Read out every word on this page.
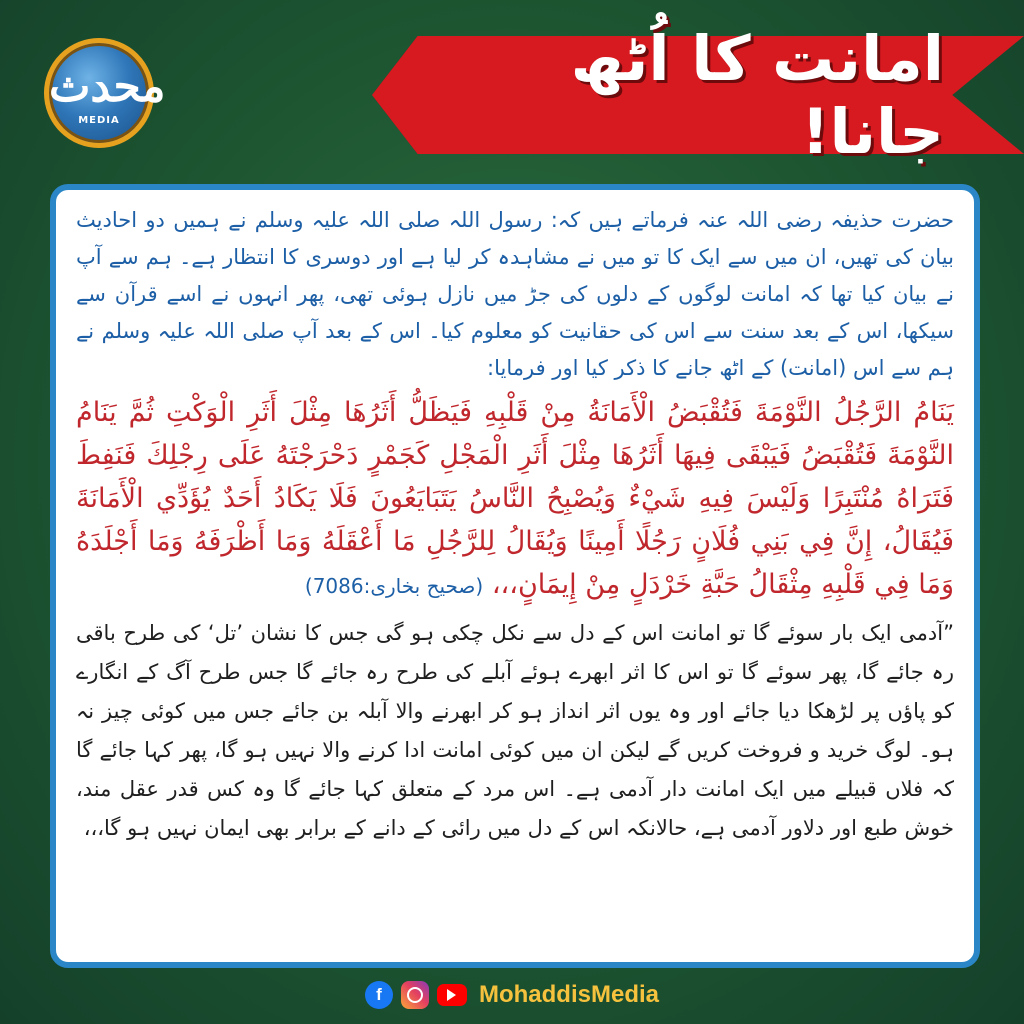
محدث
MEDIA
امانت کا اُٹھ جانا!

حضرت حذیفہ رضی اللہ عنہ فرماتے ہیں کہ: رسول اللہ صلی اللہ علیہ وسلم نے ہمیں دو احادیث بیان کی تھیں، ان میں سے ایک کا تو میں نے مشاہدہ کر لیا ہے اور دوسری کا انتظار ہے۔ ہم سے آپ نے بیان کیا تھا کہ امانت لوگوں کے دلوں کی جڑ میں نازل ہوئی تھی، پھر انہوں نے اسے قرآن سے سیکھا، اس کے بعد سنت سے اس کی حقانیت کو معلوم کیا۔ اس کے بعد آپ صلی اللہ علیہ وسلم نے ہم سے اس (امانت) کے اٹھ جانے کا ذکر کیا اور فرمایا:

يَنَامُ الرَّجُلُ النَّوْمَةَ فَتُقْبَضُ الْأَمَانَةُ مِنْ قَلْبِهِ فَيَظَلُّ أَثَرُهَا مِثْلَ أَثَرِ الْوَكْتِ ثُمَّ يَنَامُ النَّوْمَةَ فَتُقْبَضُ فَيَبْقَى فِيهَا أَثَرُهَا مِثْلَ أَثَرِ الْمَجْلِ كَجَمْرٍ دَحْرَجْتَهُ عَلَى رِجْلِكَ فَنَفِطَ فَتَرَاهُ مُنْتَبِرًا وَلَيْسَ فِيهِ شَيْءٌ وَيُصْبِحُ النَّاسُ يَتَبَايَعُونَ فَلَا يَكَادُ أَحَدٌ يُؤَدِّي الْأَمَانَةَ فَيُقَالُ، إِنَّ فِي بَنِي فُلَانٍ رَجُلًا أَمِينًا وَيُقَالُ لِلرَّجُلِ مَا أَعْقَلَهُ وَمَا أَظْرَفَهُ وَمَا أَجْلَدَهُ وَمَا فِي قَلْبِهِ مِثْقَالُ حَبَّةِ خَرْدَلٍ مِنْ إِيمَانٍ،،، (صحیح بخاری:7086)

”آدمی ایک بار سوئے گا تو امانت اس کے دل سے نکل چکی ہو گی جس کا نشان ’تل‘ کی طرح باقی رہ جائے گا، پھر سوئے گا تو اس کا اثر ابھرے ہوئے آبلے کی طرح رہ جائے گا جس طرح آگ کے انگارے کو پاؤں پر لڑھکا دیا جائے اور وہ یوں اثر انداز ہو کر ابھرنے والا آبلہ بن جائے جس میں کوئی چیز نہ ہو۔ لوگ خرید و فروخت کریں گے لیکن ان میں کوئی امانت ادا کرنے والا نہیں ہو گا، پھر کہا جائے گا کہ فلاں قبیلے میں ایک امانت دار آدمی ہے۔ اس مرد کے متعلق کہا جائے گا وہ کس قدر عقل مند، خوش طبع اور دلاور آدمی ہے، حالانکہ اس کے دل میں رائی کے دانے کے برابر بھی ایمان نہیں ہو گا،،،

f	MohaddisMedia
